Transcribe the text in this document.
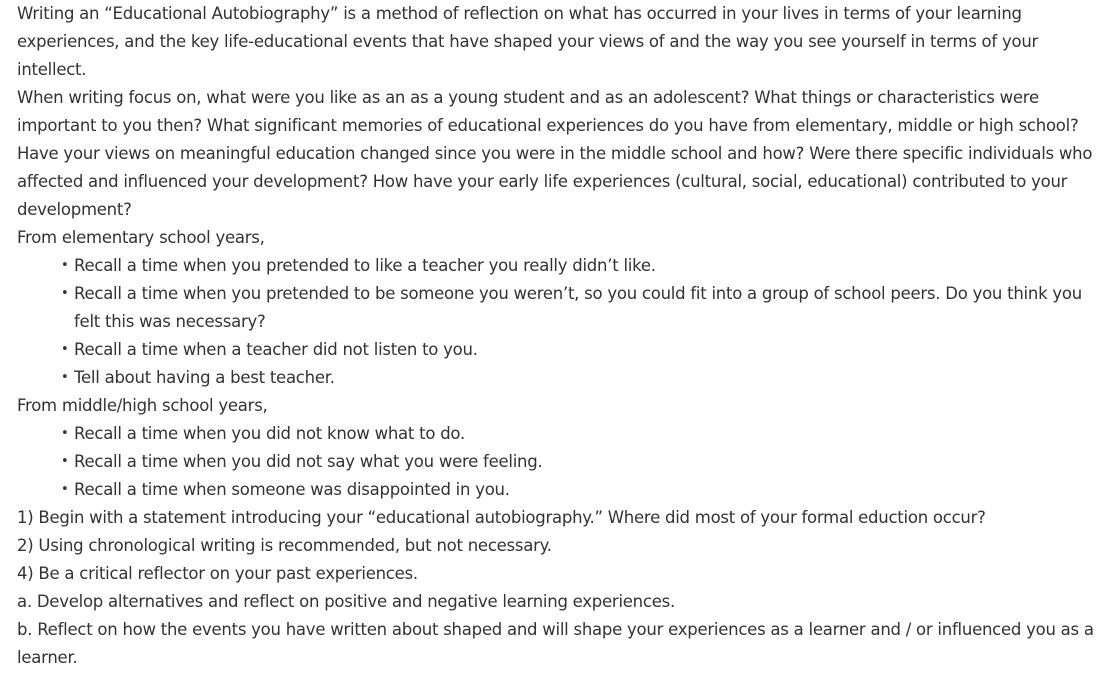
Writing an “Educational Autobiography” is a method of reflection on what has occurred in your lives in terms of your learning experiences, and the key life-educational events that have shaped your views of and the way you see yourself in terms of your intellect.

When writing focus on, what were you like as an as a young student and as an adolescent? What things or characteristics were important to you then? What significant memories of educational experiences do you have from elementary, middle or high school? Have your views on meaningful education changed since you were in the middle school and how? Were there specific individuals who affected and influenced your development? How have your early life experiences (cultural, social, educational) contributed to your development?

From elementary school years,

• Recall a time when you pretended to like a teacher you really didn’t like.
• Recall a time when you pretended to be someone you weren’t, so you could fit into a group of school peers. Do you think you felt this was necessary?
• Recall a time when a teacher did not listen to you.
• Tell about having a best teacher.

From middle/high school years,

• Recall a time when you did not know what to do.
• Recall a time when you did not say what you were feeling.
• Recall a time when someone was disappointed in you.

1) Begin with a statement introducing your “educational autobiography.” Where did most of your formal eduction occur?

2) Using chronological writing is recommended, but not necessary.

4) Be a critical reflector on your past experiences.

a. Develop alternatives and reflect on positive and negative learning experiences.

b. Reflect on how the events you have written about shaped and will shape your experiences as a learner and / or influenced you as a learner.
